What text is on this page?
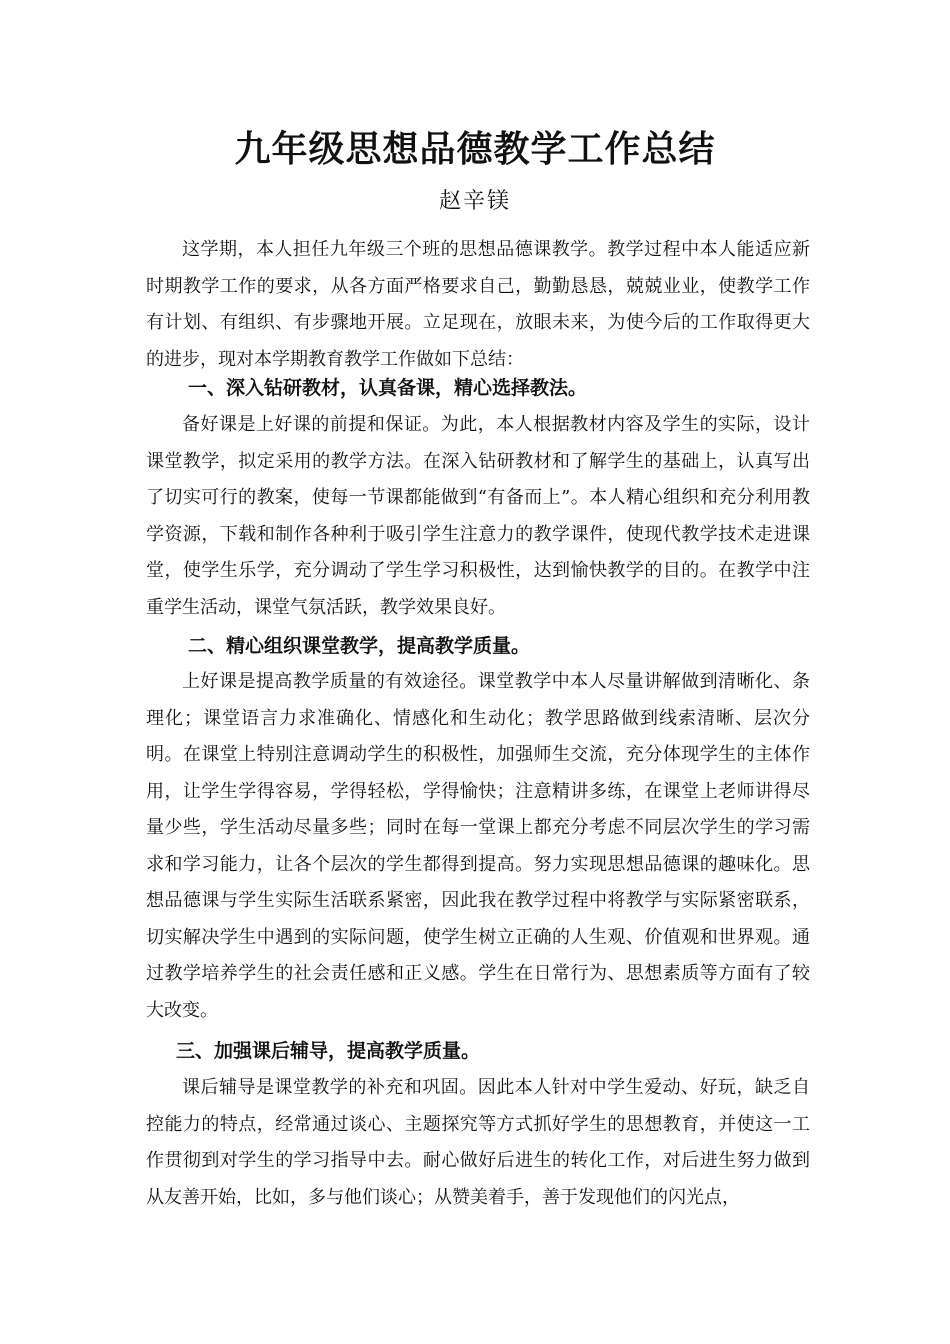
九年级思想品德教学工作总结
赵辛镁

这学期，本人担任九年级三个班的思想品德课教学。教学过程中本人能适应新时期教学工作的要求，从各方面严格要求自己，勤勤恳恳，兢兢业业，使教学工作有计划、有组织、有步骤地开展。立足现在，放眼未来，为使今后的工作取得更大的进步，现对本学期教育教学工作做如下总结：

一、深入钻研教材，认真备课，精心选择教法。

备好课是上好课的前提和保证。为此，本人根据教材内容及学生的实际，设计课堂教学，拟定采用的教学方法。在深入钻研教材和了解学生的基础上，认真写出了切实可行的教案，使每一节课都能做到“有备而上”。本人精心组织和充分利用教学资源，下载和制作各种利于吸引学生注意力的教学课件，使现代教学技术走进课堂，使学生乐学，充分调动了学生学习积极性，达到愉快教学的目的。在教学中注重学生活动，课堂气氛活跃，教学效果良好。

二、精心组织课堂教学，提高教学质量。

上好课是提高教学质量的有效途径。课堂教学中本人尽量讲解做到清晰化、条理化；课堂语言力求准确化、情感化和生动化；教学思路做到线索清晰、层次分明。在课堂上特别注意调动学生的积极性，加强师生交流，充分体现学生的主体作用，让学生学得容易，学得轻松，学得愉快；注意精讲多练，在课堂上老师讲得尽量少些，学生活动尽量多些；同时在每一堂课上都充分考虑不同层次学生的学习需求和学习能力，让各个层次的学生都得到提高。努力实现思想品德课的趣味化。思想品德课与学生实际生活联系紧密，因此我在教学过程中将教学与实际紧密联系，切实解决学生中遇到的实际问题，使学生树立正确的人生观、价值观和世界观。通过教学培养学生的社会责任感和正义感。学生在日常行为、思想素质等方面有了较大改变。

三、加强课后辅导，提高教学质量。

课后辅导是课堂教学的补充和巩固。因此本人针对中学生爱动、好玩，缺乏自控能力的特点，经常通过谈心、主题探究等方式抓好学生的思想教育，并使这一工作贯彻到对学生的学习指导中去。耐心做好后进生的转化工作，对后进生努力做到从友善开始，比如，多与他们谈心；从赞美着手，善于发现他们的闪光点，
